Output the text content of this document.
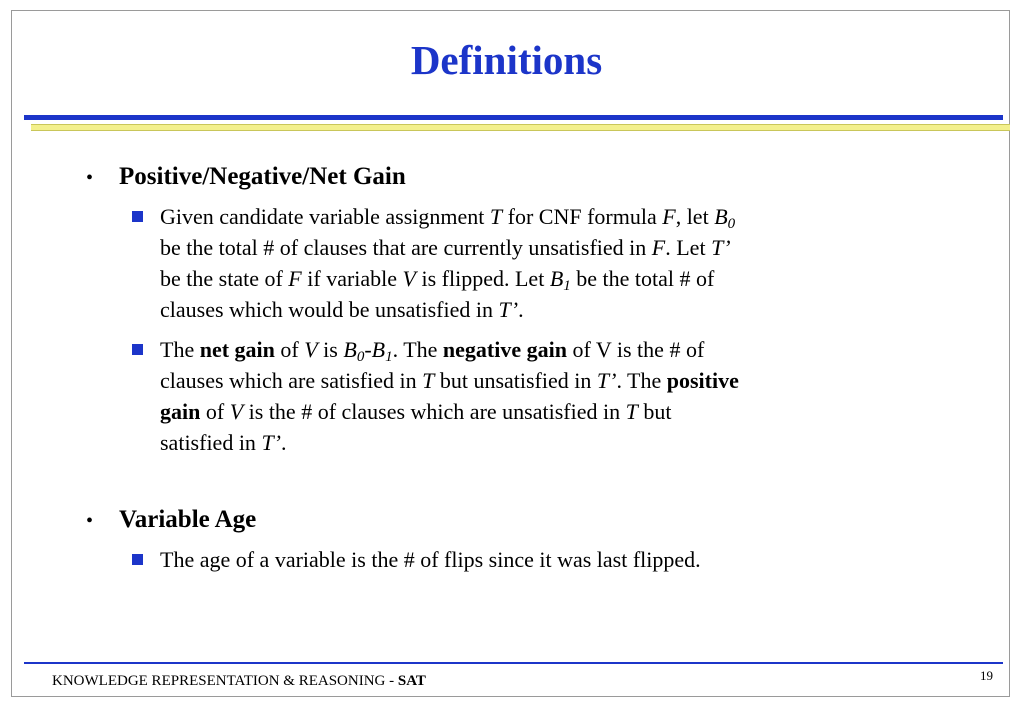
Definitions
• Positive/Negative/Net Gain
Given candidate variable assignment T for CNF formula F, let $B_0$
be the total # of clauses that are currently unsatisfied in F. Let T’
be the state of F if variable V is flipped. Let $B_1$ be the total # of
clauses which would be unsatisfied in T’.
The net gain of V is $B_0-B_1$. The negative gain of V is the # of
clauses which are satisfied in T but unsatisfied in T’. The positive
gain of V is the # of clauses which are unsatisfied in T but
satisfied in T’.
• Variable Age
The age of a variable is the # of flips since it was last flipped.
KNOWLEDGE REPRESENTATION & REASONING - SAT	19
